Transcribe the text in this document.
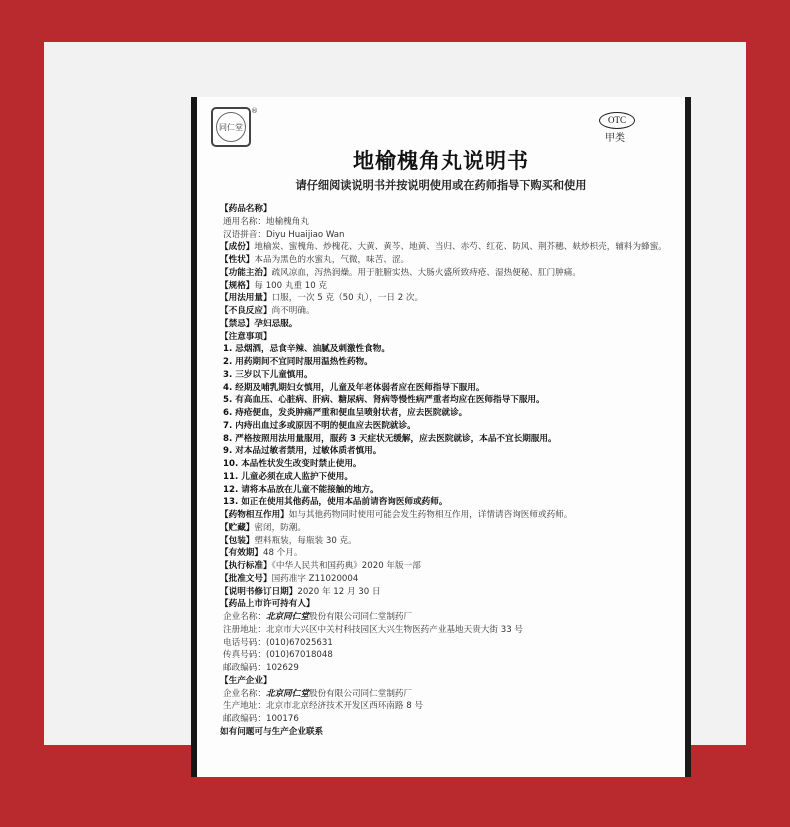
同仁堂
®
OTC
甲类
地榆槐角丸说明书
请仔细阅读说明书并按说明使用或在药师指导下购买和使用
【药品名称】
通用名称：地榆槐角丸
汉语拼音：Diyu Huaijiao Wan
【成份】地榆炭、蜜槐角、炒槐花、大黄、黄芩、地黄、当归、赤芍、红花、防风、荆芥穗、麸炒枳壳，辅料为蜂蜜。
【性状】本品为黑色的水蜜丸，气微，味苦、涩。
【功能主治】疏风凉血，泻热润燥。用于脏腑实热、大肠火盛所致痔疮、湿热便秘、肛门肿痛。
【规格】每 100 丸重 10 克
【用法用量】口服，一次 5 克（50 丸），一日 2 次。
【不良反应】尚不明确。
【禁忌】孕妇忌服。
【注意事项】
1. 忌烟酒，忌食辛辣、油腻及刺激性食物。
2. 用药期间不宜同时服用温热性药物。
3. 三岁以下儿童慎用。
4. 经期及哺乳期妇女慎用，儿童及年老体弱者应在医师指导下服用。
5. 有高血压、心脏病、肝病、糖尿病、肾病等慢性病严重者均应在医师指导下服用。
6. 痔疮便血，发炎肿痛严重和便血呈喷射状者，应去医院就诊。
7. 内痔出血过多或原因不明的便血应去医院就诊。
8. 严格按照用法用量服用，服药 3 天症状无缓解，应去医院就诊，本品不宜长期服用。
9. 对本品过敏者禁用，过敏体质者慎用。
10. 本品性状发生改变时禁止使用。
11. 儿童必须在成人监护下使用。
12. 请将本品放在儿童不能接触的地方。
13. 如正在使用其他药品，使用本品前请咨询医师或药师。
【药物相互作用】如与其他药物同时使用可能会发生药物相互作用，详情请咨询医师或药师。
【贮藏】密闭，防潮。
【包装】塑料瓶装，每瓶装 30 克。
【有效期】48 个月。
【执行标准】《中华人民共和国药典》2020 年版一部
【批准文号】国药准字 Z11020004
【说明书修订日期】2020 年 12 月 30 日
【药品上市许可持有人】
企业名称：北京同仁堂股份有限公司同仁堂制药厂
注册地址：北京市大兴区中关村科技园区大兴生物医药产业基地天贵大街 33 号
电话号码：(010)67025631
传真号码：(010)67018048
邮政编码：102629
【生产企业】
企业名称：北京同仁堂股份有限公司同仁堂制药厂
生产地址：北京市北京经济技术开发区西环南路 8 号
邮政编码：100176
如有问题可与生产企业联系
